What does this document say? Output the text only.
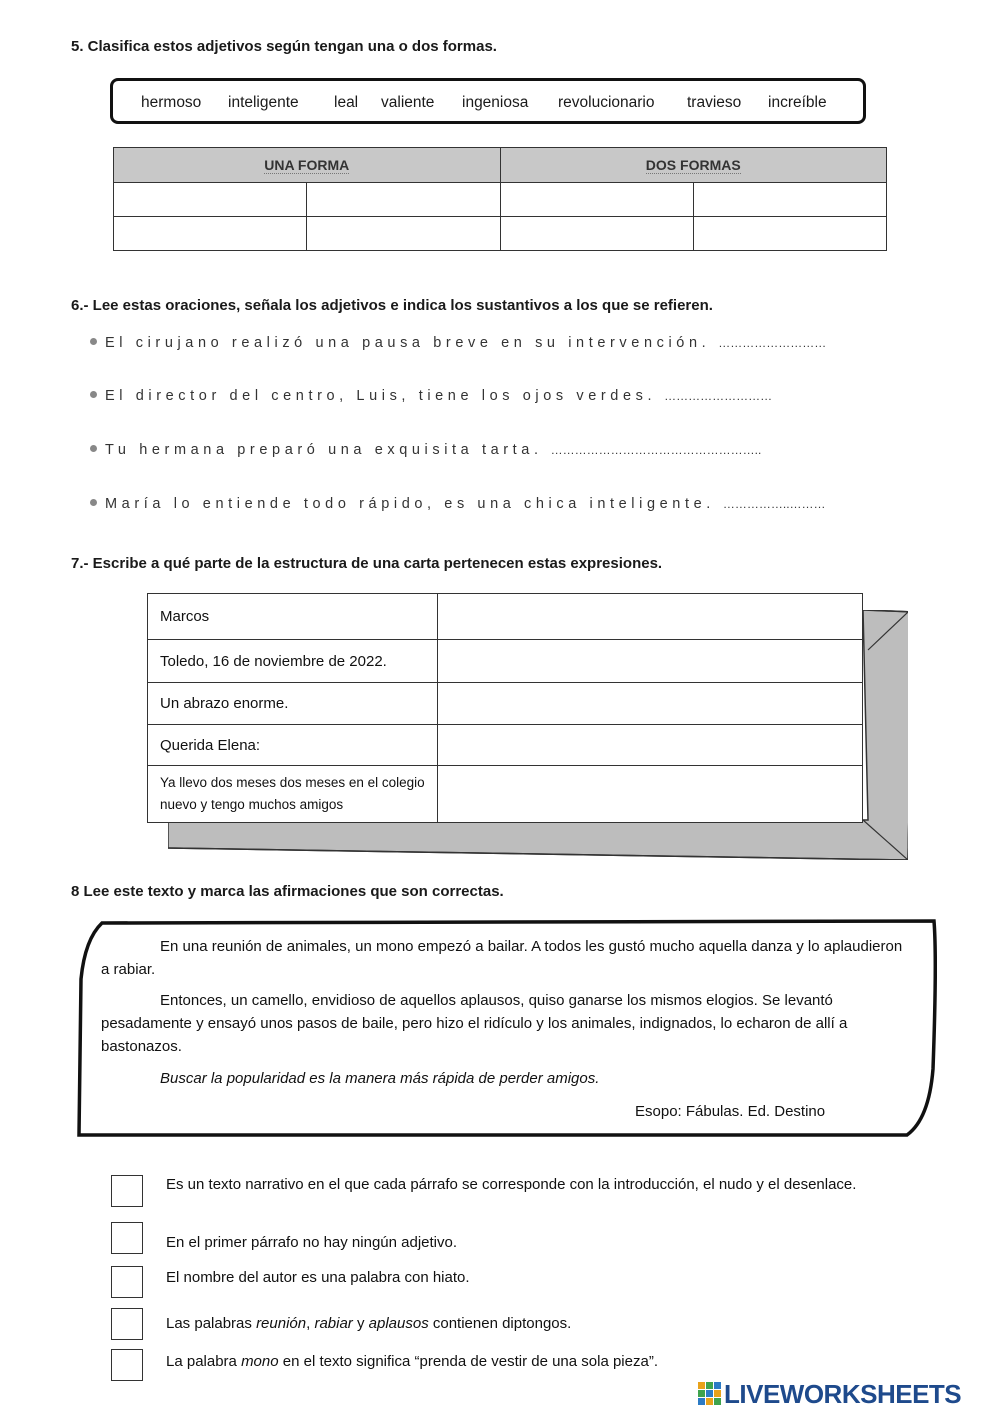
5. Clasifica estos adjetivos según tengan una o dos formas.
hermoso inteligente leal valiente ingeniosa revolucionario travieso increíble
UNA FORMA		DOS FORMAS	

6.- Lee estas oraciones, señala los adjetivos e indica los sustantivos a los que se refieren.
El cirujano realizó una pausa breve en su intervención. ………………………
El director del centro, Luis, tiene los ojos verdes. ………………………
Tu hermana preparó una exquisita tarta. ……………………………………………..
María lo entiende todo rápido, es una chica inteligente. ……………..………
7.- Escribe a qué parte de la estructura de una carta pertenecen estas expresiones.
Marcos	
Toledo, 16 de noviembre de 2022.	
Un abrazo enorme.	
Querida Elena:	
Ya llevo dos meses dos meses en el colegio nuevo y tengo muchos amigos	
8 Lee este texto y marca las afirmaciones que son correctas.
En una reunión de animales, un mono empezó a bailar. A todos les gustó mucho aquella danza y lo aplaudieron a rabiar.
Entonces, un camello, envidioso de aquellos aplausos, quiso ganarse los mismos elogios. Se levantó pesadamente y ensayó unos pasos de baile, pero hizo el ridículo y los animales, indignados, lo echaron de allí a bastonazos.
Buscar la popularidad es la manera más rápida de perder amigos.
Esopo: Fábulas. Ed. Destino
Es un texto narrativo en el que cada párrafo se corresponde con la introducción, el nudo y el desenlace.
En el primer párrafo no hay ningún adjetivo.
El nombre del autor es una palabra con hiato.
Las palabras reunión, rabiar y aplausos contienen diptongos.
La palabra mono en el texto significa “prenda de vestir de una sola pieza”.
LIVEWORKSHEETS
